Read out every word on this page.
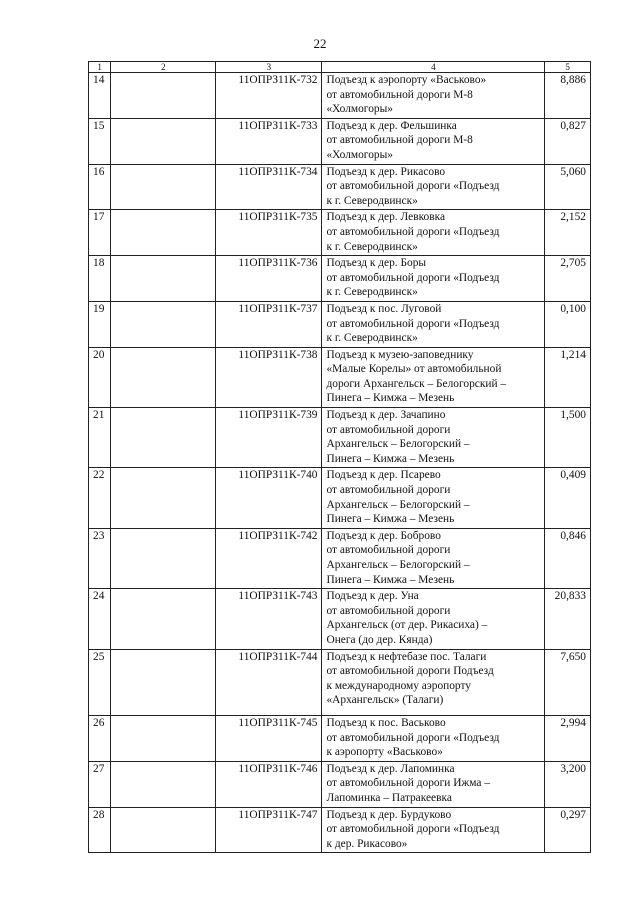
22
1	2	3	4	5
14		11ОПРЗ11К-732	Подъезд к аэропорту «Васьково»
от автомобильной дороги М-8
«Холмогоры»	8,886
15		11ОПРЗ11К-733	Подъезд к дер. Фельшинка
от автомобильной дороги М-8
«Холмогоры»	0,827
16		11ОПРЗ11К-734	Подъезд к дер. Рикасово
от автомобильной дороги «Подъезд
к г. Северодвинск»	5,060
17		11ОПРЗ11К-735	Подъезд к дер. Левковка
от автомобильной дороги «Подъезд
к г. Северодвинск»	2,152
18		11ОПРЗ11К-736	Подъезд к дер. Боры
от автомобильной дороги «Подъезд
к г. Северодвинск»	2,705
19		11ОПРЗ11К-737	Подъезд к пос. Луговой
от автомобильной дороги «Подъезд
к г. Северодвинск»	0,100
20		11ОПРЗ11К-738	Подъезд к музею-заповеднику
«Малые Корелы» от автомобильной
дороги Архангельск – Белогорский –
Пинега – Кимжа – Мезень	1,214
21		11ОПРЗ11К-739	Подъезд к дер. Зачапино
от автомобильной дороги
Архангельск – Белогорский –
Пинега – Кимжа – Мезень	1,500
22		11ОПРЗ11К-740	Подъезд к дер. Псарево
от автомобильной дороги
Архангельск – Белогорский –
Пинега – Кимжа – Мезень	0,409
23		11ОПРЗ11К-742	Подъезд к дер. Боброво
от автомобильной дороги
Архангельск – Белогорский –
Пинега – Кимжа – Мезень	0,846
24		11ОПРЗ11К-743	Подъезд к дер. Уна
от автомобильной дороги
Архангельск (от дер. Рикасиха) –
Онега (до дер. Кянда)	20,833
25		11ОПРЗ11К-744	Подъезд к нефтебазе пос. Талаги
от автомобильной дороги Подъезд
к международному аэропорту
«Архангельск» (Талаги)	7,650
26		11ОПРЗ11К-745	Подъезд к пос. Васьково
от автомобильной дороги «Подъезд
к аэропорту «Васьково»	2,994
27		11ОПРЗ11К-746	Подъезд к дер. Лапоминка
от автомобильной дороги Ижма –
Лапоминка – Патракеевка	3,200
28		11ОПРЗ11К-747	Подъезд к дер. Бурдуково
от автомобильной дороги «Подъезд
к дер. Рикасово»	0,297
